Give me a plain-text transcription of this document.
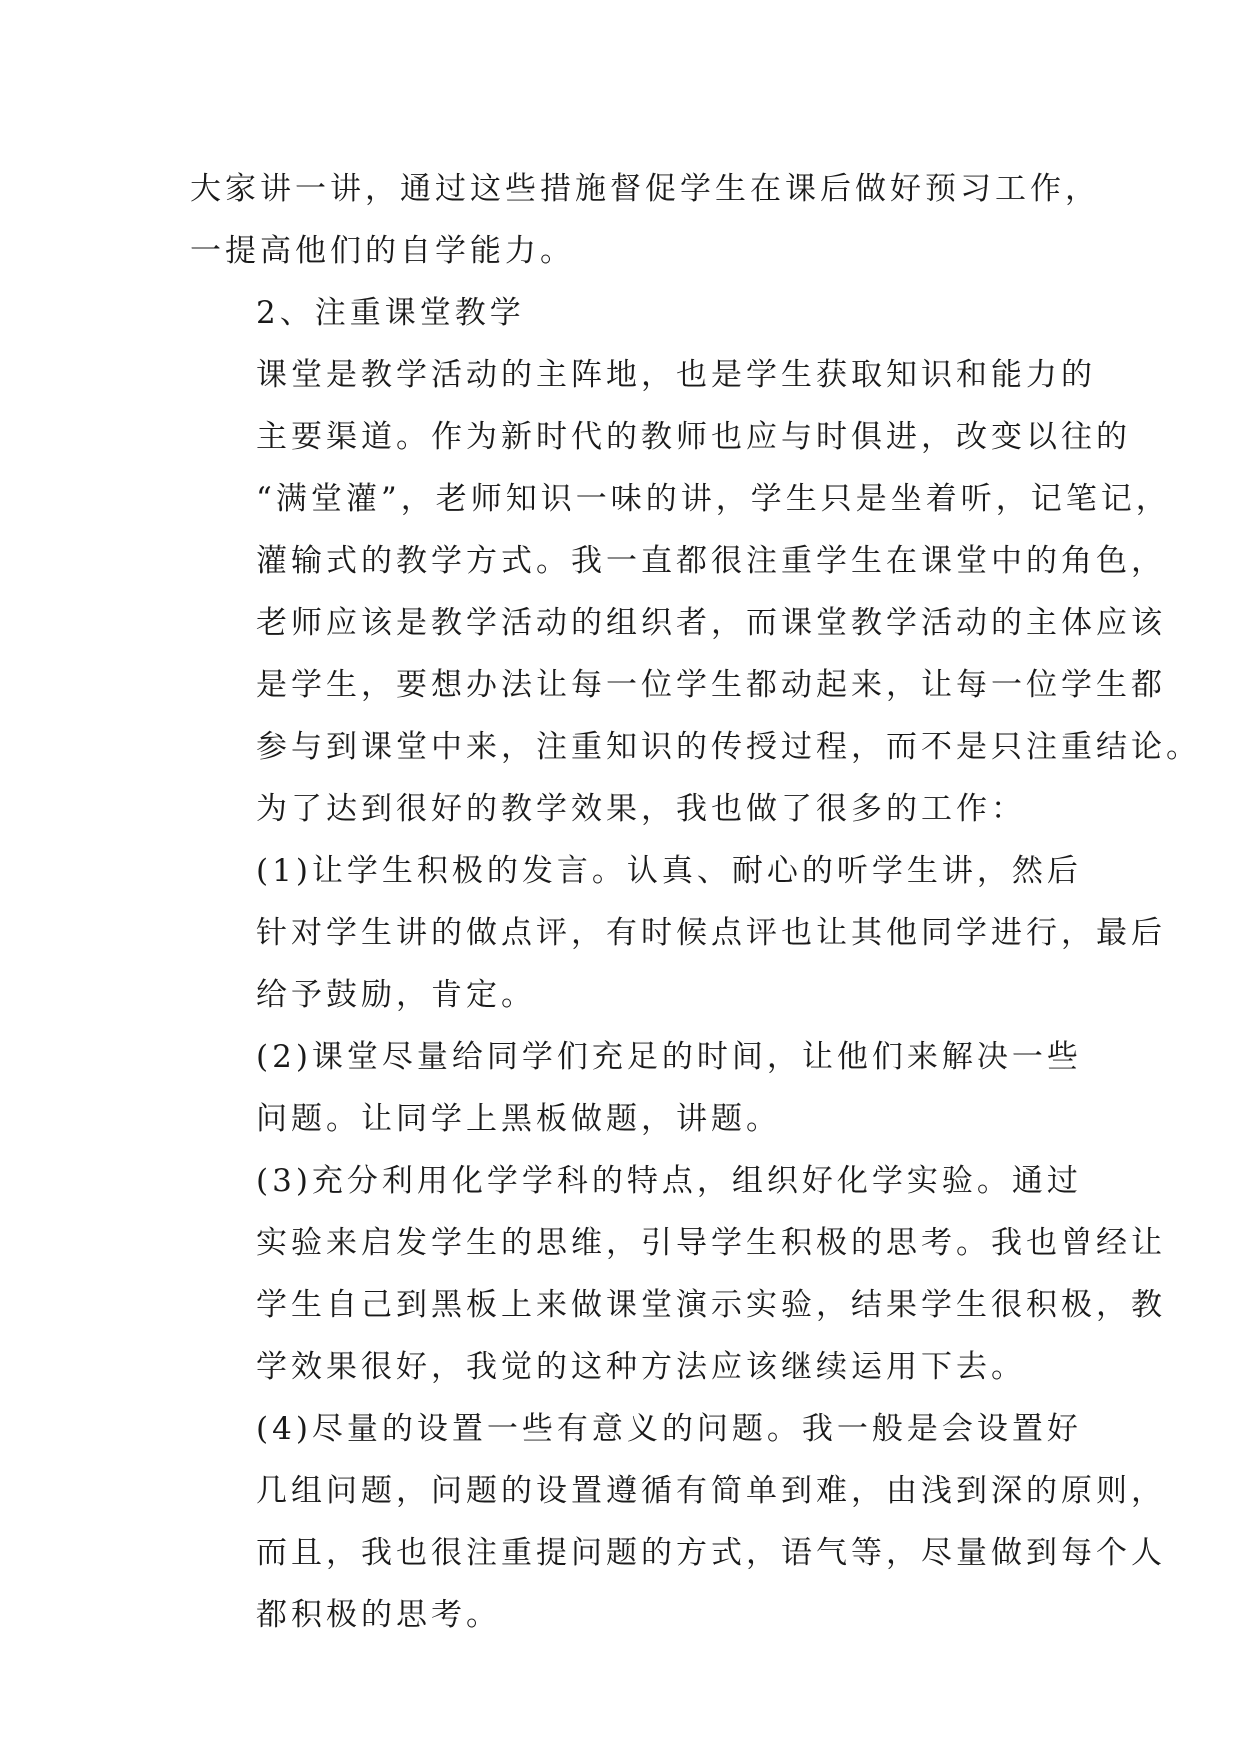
大家讲一讲，通过这些措施督促学生在课后做好预习工作，
一提高他们的自学能力。

2、注重课堂教学

课堂是教学活动的主阵地，也是学生获取知识和能力的
主要渠道。作为新时代的教师也应与时俱进，改变以往的
“满堂灌”，老师知识一味的讲，学生只是坐着听，记笔记，
灌输式的教学方式。我一直都很注重学生在课堂中的角色，
老师应该是教学活动的组织者，而课堂教学活动的主体应该
是学生，要想办法让每一位学生都动起来，让每一位学生都
参与到课堂中来，注重知识的传授过程，而不是只注重结论。
为了达到很好的教学效果，我也做了很多的工作：

(1)让学生积极的发言。认真、耐心的听学生讲，然后
针对学生讲的做点评，有时候点评也让其他同学进行，最后
给予鼓励，肯定。

(2)课堂尽量给同学们充足的时间，让他们来解决一些
问题。让同学上黑板做题，讲题。

(3)充分利用化学学科的特点，组织好化学实验。通过
实验来启发学生的思维，引导学生积极的思考。我也曾经让
学生自己到黑板上来做课堂演示实验，结果学生很积极，教
学效果很好，我觉的这种方法应该继续运用下去。

(4)尽量的设置一些有意义的问题。我一般是会设置好
几组问题，问题的设置遵循有简单到难，由浅到深的原则，
而且，我也很注重提问题的方式，语气等，尽量做到每个人
都积极的思考。
